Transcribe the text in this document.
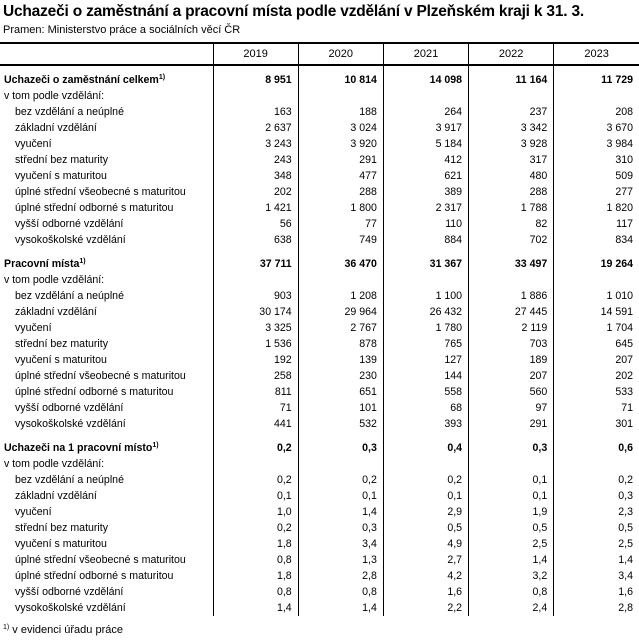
Uchazeči o zaměstnání a pracovní místa podle vzdělání v Plzeňském kraji k 31. 3.
Pramen: Ministerstvo práce a sociálních věcí ČR
	2019	2020	2021	2022	2023
Uchazeči o zaměstnání celkem$^{1)}$	8 951	10 814	14 098	11 164	11 729
v tom podle vzdělání:					
bez vzdělání a neúplné	163	188	264	237	208
základní vzdělání	2 637	3 024	3 917	3 342	3 670
vyučení	3 243	3 920	5 184	3 928	3 984
střední bez maturity	243	291	412	317	310
vyučení s maturitou	348	477	621	480	509
úplné střední všeobecné s maturitou	202	288	389	288	277
úplné střední odborné s maturitou	1 421	1 800	2 317	1 788	1 820
vyšší odborné vzdělání	56	77	110	82	117
vysokoškolské vzdělání	638	749	884	702	834

Pracovní místa$^{1)}$	37 711	36 470	31 367	33 497	19 264
v tom podle vzdělání:					
bez vzdělání a neúplné	903	1 208	1 100	1 886	1 010
základní vzdělání	30 174	29 964	26 432	27 445	14 591
vyučení	3 325	2 767	1 780	2 119	1 704
střední bez maturity	1 536	878	765	703	645
vyučení s maturitou	192	139	127	189	207
úplné střední všeobecné s maturitou	258	230	144	207	202
úplné střední odborné s maturitou	811	651	558	560	533
vyšší odborné vzdělání	71	101	68	97	71
vysokoškolské vzdělání	441	532	393	291	301

Uchazeči na 1 pracovní místo$^{1)}$	0,2	0,3	0,4	0,3	0,6
v tom podle vzdělání:					
bez vzdělání a neúplné	0,2	0,2	0,2	0,1	0,2
základní vzdělání	0,1	0,1	0,1	0,1	0,3
vyučení	1,0	1,4	2,9	1,9	2,3
střední bez maturity	0,2	0,3	0,5	0,5	0,5
vyučení s maturitou	1,8	3,4	4,9	2,5	2,5
úplné střední všeobecné s maturitou	0,8	1,3	2,7	1,4	1,4
úplné střední odborné s maturitou	1,8	2,8	4,2	3,2	3,4
vyšší odborné vzdělání	0,8	0,8	1,6	0,8	1,6
vysokoškolské vzdělání	1,4	1,4	2,2	2,4	2,8
$^{1)}$ v evidenci úřadu práce
